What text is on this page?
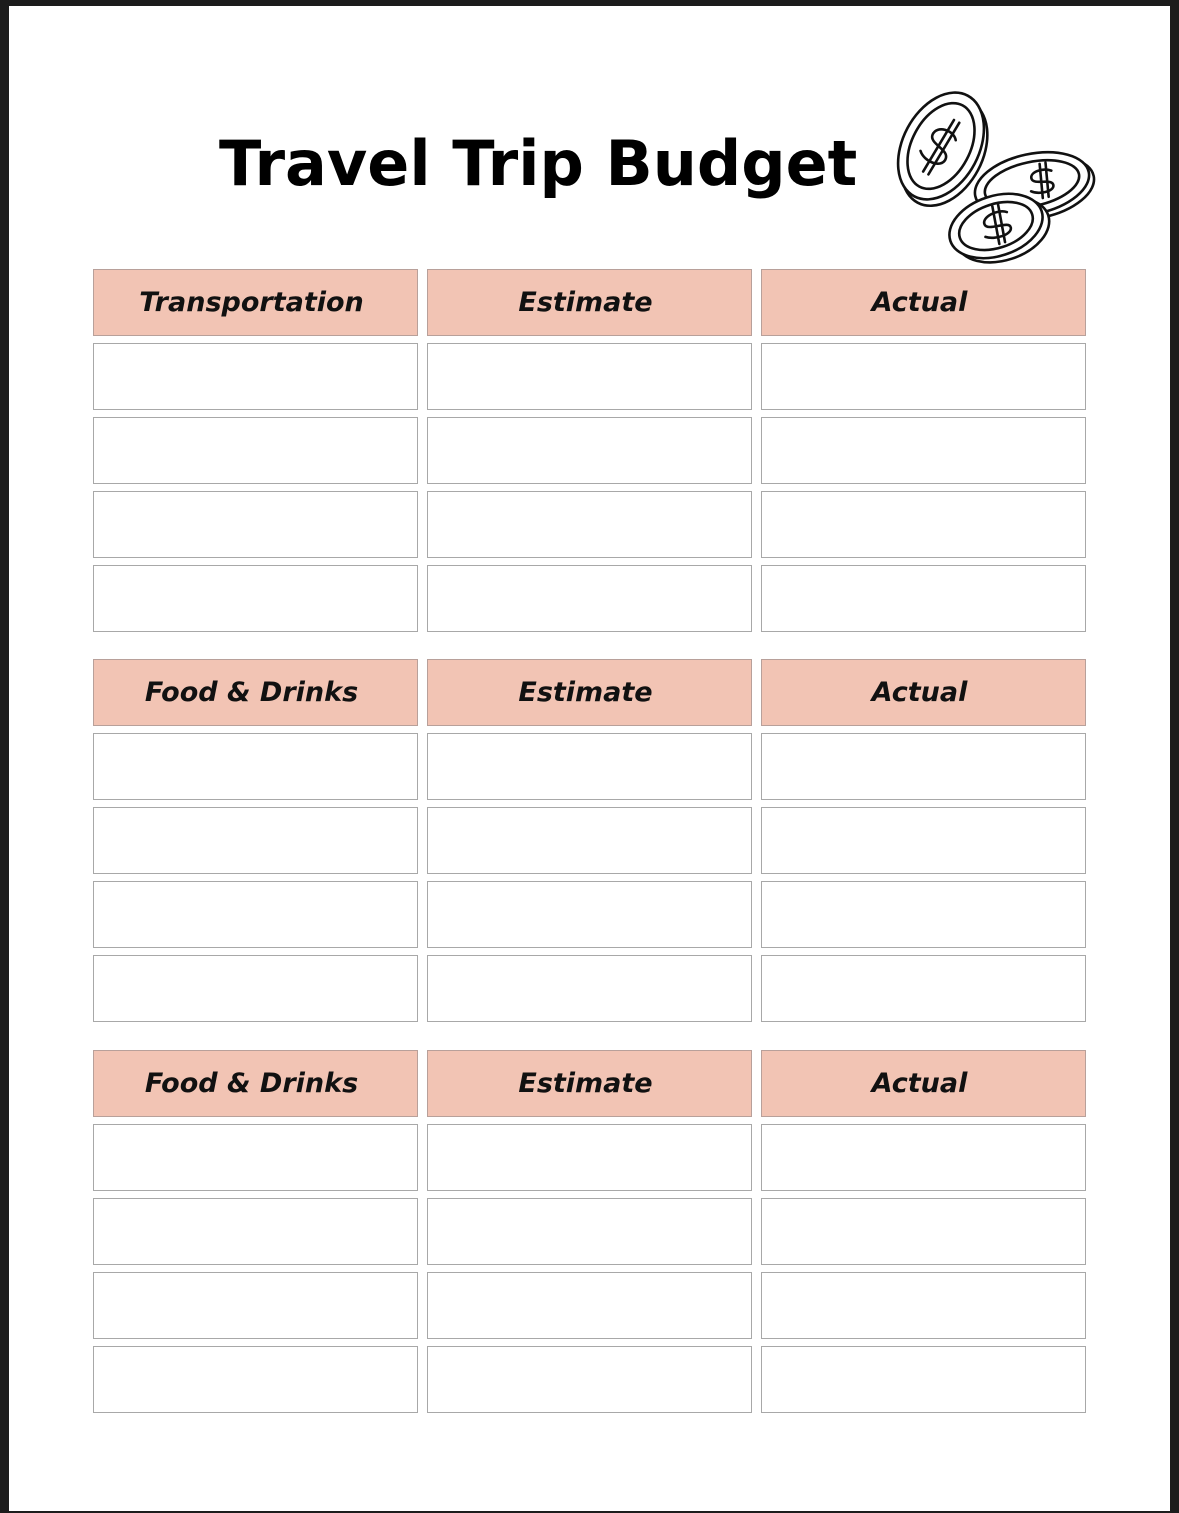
Travel Trip Budget
Transportation	Estimate	Actual
Food & Drinks	Estimate	Actual
Food & Drinks	Estimate	Actual
